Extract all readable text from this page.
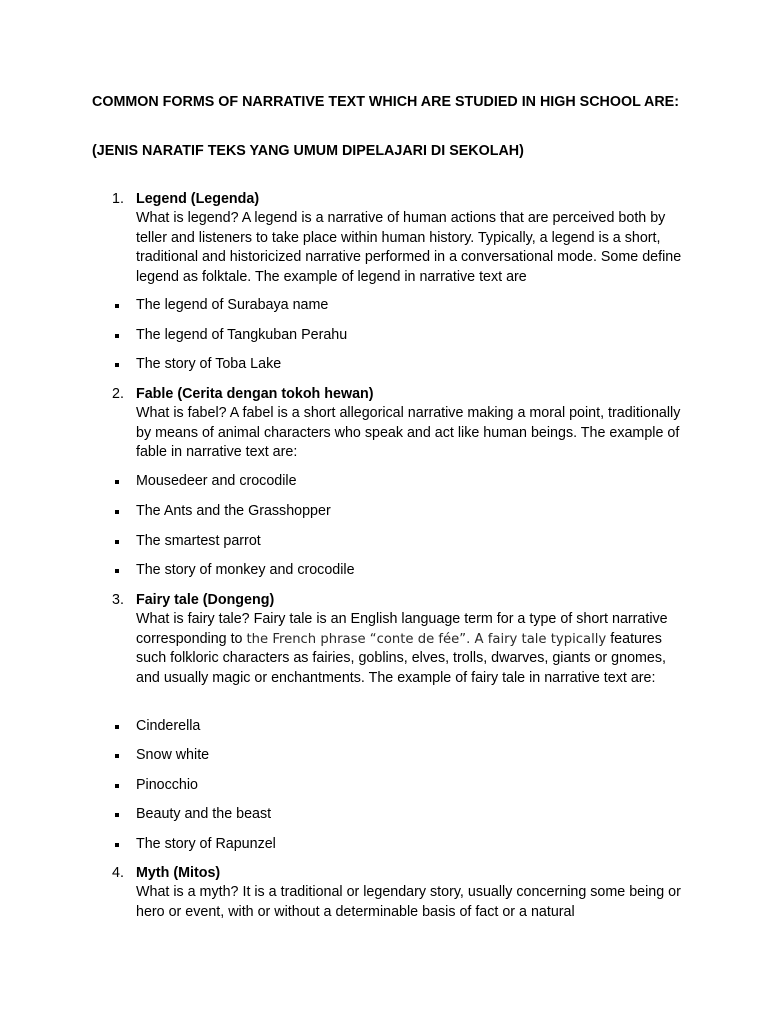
COMMON FORMS OF NARRATIVE TEXT WHICH ARE STUDIED IN HIGH SCHOOL ARE:
(JENIS NARATIF TEKS YANG UMUM DIPELAJARI DI SEKOLAH)
1. Legend (Legenda)
What is legend? A legend is a narrative of human actions that are perceived both by teller and listeners to take place within human history. Typically, a legend is a short, traditional and historicized narrative performed in a conversational mode. Some define legend as folktale. The example of legend in narrative text are
The legend of Surabaya name
The legend of Tangkuban Perahu
The story of Toba Lake
2. Fable (Cerita dengan tokoh hewan)
What is fabel? A fabel is a short allegorical narrative making a moral point, traditionally by means of animal characters who speak and act like human beings. The example of fable in narrative text are:
Mousedeer and crocodile
The Ants and the Grasshopper
The smartest parrot
The story of monkey and crocodile
3. Fairy tale (Dongeng)
What is fairy tale? Fairy tale is an English language term for a type of short narrative corresponding to the French phrase “conte de fée”. A fairy tale typically features such folkloric characters as fairies, goblins, elves, trolls, dwarves, giants or gnomes, and usually magic or enchantments. The example of fairy tale in narrative text are:
Cinderella
Snow white
Pinocchio
Beauty and the beast
The story of Rapunzel
4. Myth (Mitos)
What is a myth? It is a traditional or legendary story, usually concerning some being or hero or event, with or without a determinable basis of fact or a natural
